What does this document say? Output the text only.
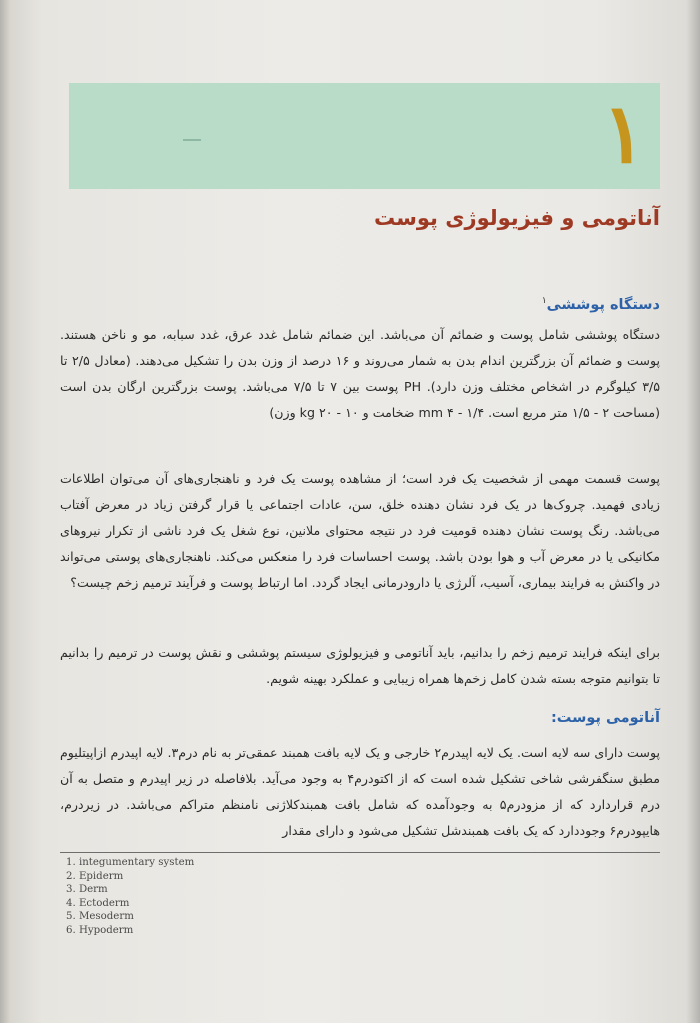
۱
آناتومی و فیزیولوژی پوست
دستگاه پوششی$^۱$

دستگاه پوششی شامل پوست و ضمائم آن می‌باشد. این ضمائم شامل غدد عرق، غدد سبابه، مو و ناخن هستند. پوست و ضمائم آن بزرگترین اندام بدن به شمار می‌روند و ۱۶ درصد از وزن بدن را تشکیل می‌دهند. (معادل ۲/۵ تا ۳/۵ کیلوگرم در اشخاص مختلف وزن دارد). PH پوست بین ۷ تا ۷/۵ می‌باشد. پوست بزرگترین ارگان بدن است (مساحت ۲ - ۱/۵ متر مربع است. ۱/۴ - ۴ mm ضخامت و ۱۰ - ۲۰ kg وزن)

پوست قسمت مهمی از شخصیت یک فرد است؛ از مشاهده پوست یک فرد و ناهنجاری‌های آن می‌توان اطلاعات زیادی فهمید. چروک‌ها در یک فرد نشان دهنده خلق، سن، عادات اجتماعی یا قرار گرفتن زیاد در معرض آفتاب می‌باشد. رنگ پوست نشان دهنده قومیت فرد در نتیجه محتوای ملانین، نوع شغل یک فرد ناشی از تکرار نیروهای مکانیکی یا در معرض آب و هوا بودن باشد. پوست احساسات فرد را منعکس می‌کند. ناهنجاری‌های پوستی می‌تواند در واکنش به فرایند بیماری، آسیب، آلرژی یا دارودرمانی ایجاد گردد. اما ارتباط پوست و فرآیند ترمیم زخم چیست؟

برای اینکه فرایند ترمیم زخم را بدانیم، باید آناتومی و فیزیولوژی سیستم پوششی و نقش پوست در ترمیم را بدانیم تا بتوانیم متوجه بسته شدن کامل زخم‌ها همراه زیبایی و عملکرد بهینه شویم.

آناتومی پوست:

پوست دارای سه لایه است. یک لایه اپیدرم۲ خارجی و یک لایه بافت همبند عمقی‌تر به نام درم۳. لایه اپیدرم ازاپیتلیوم مطبق سنگفرشی شاخی تشکیل شده است که از اکتودرم۴ به وجود می‌آید. بلافاصله در زیر اپیدرم و متصل به آن درم قراردارد که از مزودرم۵ به وجودآمده که شامل بافت همبندکلاژنی نامنظم متراکم می‌باشد. در زیردرم، هایپودرم۶ وجوددارد که یک بافت همبندشل تشکیل می‌شود و دارای مقدار

1. integumentary system
2. Epiderm
3. Derm
4. Ectoderm
5. Mesoderm
6. Hypoderm
